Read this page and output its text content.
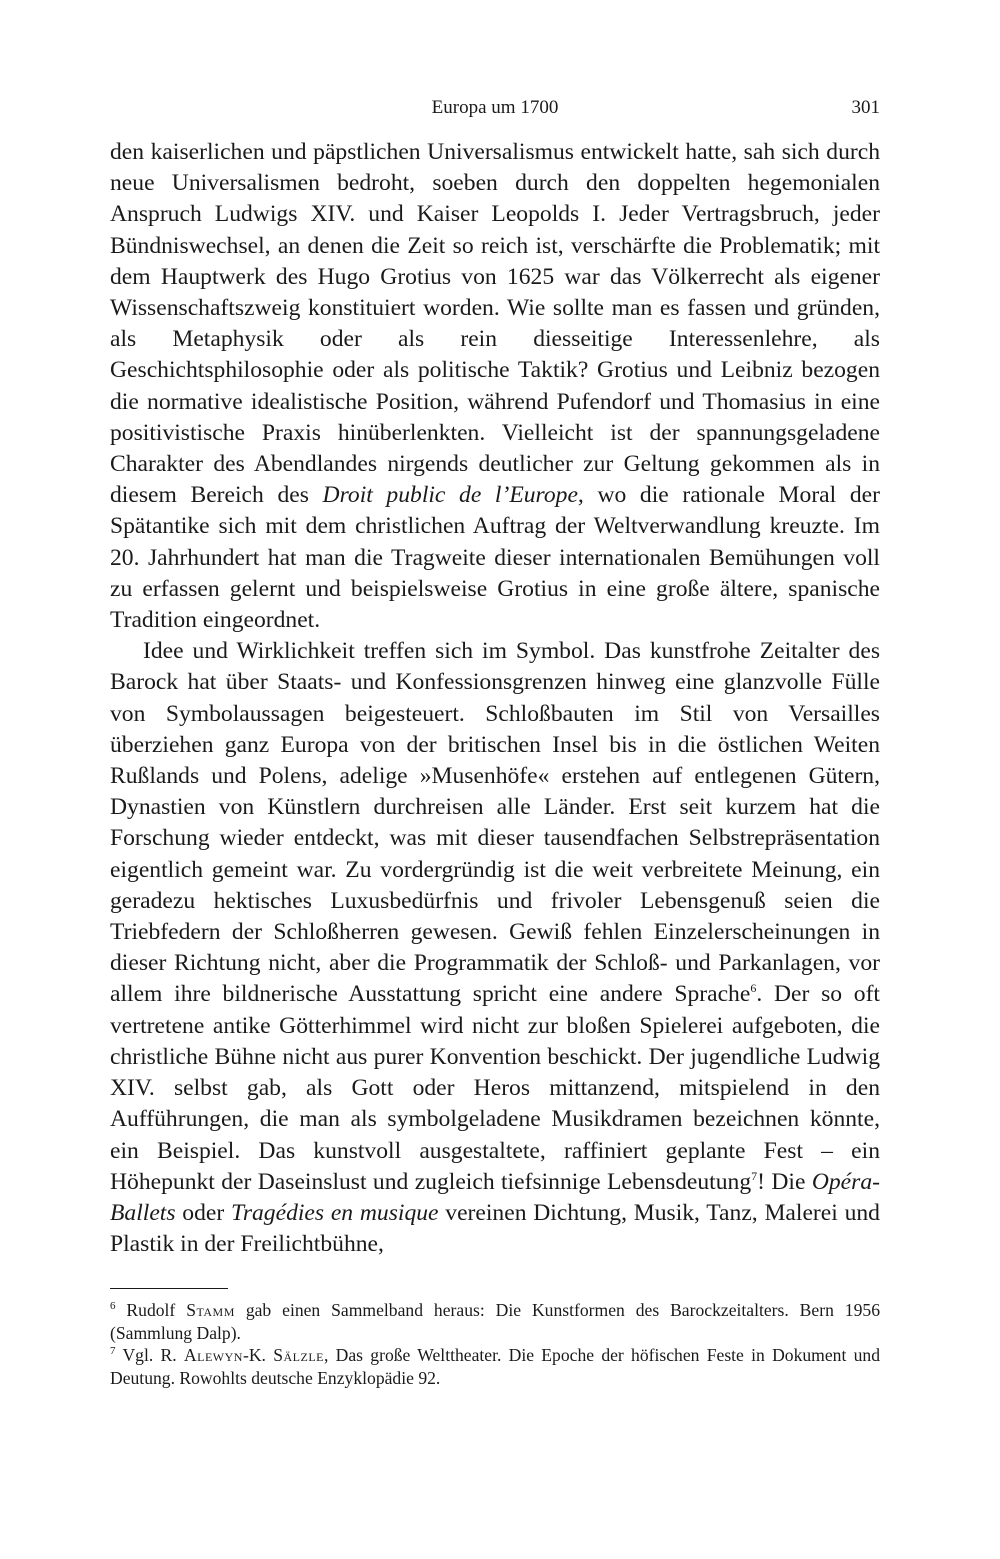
Europa um 1700	301

den kaiserlichen und päpstlichen Universalismus entwickelt hatte, sah sich durch neue Universalismen bedroht, soeben durch den doppelten hegemonialen Anspruch Ludwigs XIV. und Kaiser Leopolds I. Jeder Vertragsbruch, jeder Bündniswechsel, an denen die Zeit so reich ist, verschärfte die Problematik; mit dem Hauptwerk des Hugo Grotius von 1625 war das Völkerrecht als eigener Wissenschaftszweig konstituiert worden. Wie sollte man es fassen und gründen, als Metaphysik oder als rein diesseitige Interessenlehre, als Geschichtsphilosophie oder als politische Taktik? Grotius und Leibniz bezogen die normative idealistische Position, während Pufendorf und Thomasius in eine positivistische Praxis hinüberlenkten. Vielleicht ist der spannungsgeladene Charakter des Abendlandes nirgends deutlicher zur Geltung gekommen als in diesem Bereich des Droit public de l’Europe, wo die rationale Moral der Spätantike sich mit dem christlichen Auftrag der Weltverwandlung kreuzte. Im 20. Jahrhundert hat man die Tragweite dieser internationalen Bemühungen voll zu erfassen gelernt und beispielsweise Grotius in eine große ältere, spanische Tradition eingeordnet.

Idee und Wirklichkeit treffen sich im Symbol. Das kunstfrohe Zeitalter des Barock hat über Staats- und Konfessionsgrenzen hinweg eine glanzvolle Fülle von Symbolaussagen beigesteuert. Schloßbauten im Stil von Versailles überziehen ganz Europa von der britischen Insel bis in die östlichen Weiten Rußlands und Polens, adelige »Musenhöfe« erstehen auf entlegenen Gütern, Dynastien von Künstlern durchreisen alle Länder. Erst seit kurzem hat die Forschung wieder entdeckt, was mit dieser tausendfachen Selbstrepräsentation eigentlich gemeint war. Zu vordergründig ist die weit verbreitete Meinung, ein geradezu hektisches Luxusbedürfnis und frivoler Lebensgenuß seien die Triebfedern der Schloßherren gewesen. Gewiß fehlen Einzelerscheinungen in dieser Richtung nicht, aber die Programmatik der Schloß- und Parkanlagen, vor allem ihre bildnerische Ausstattung spricht eine andere Sprache$^6$. Der so oft vertretene antike Götterhimmel wird nicht zur bloßen Spielerei aufgeboten, die christliche Bühne nicht aus purer Konvention beschickt. Der jugendliche Ludwig XIV. selbst gab, als Gott oder Heros mittanzend, mitspielend in den Aufführungen, die man als symbolgeladene Musikdramen bezeichnen könnte, ein Beispiel. Das kunstvoll ausgestaltete, raffiniert geplante Fest – ein Höhepunkt der Daseinslust und zugleich tiefsinnige Lebensdeutung$^7$! Die Opéra-Ballets oder Tragédies en musique vereinen Dichtung, Musik, Tanz, Malerei und Plastik in der Freilichtbühne,

$^6$ Rudolf Stamm gab einen Sammelband heraus: Die Kunstformen des Barockzeitalters. Bern 1956 (Sammlung Dalp).

$^7$ Vgl. R. Alewyn-K. Sälzle, Das große Welttheater. Die Epoche der höfischen Feste in Dokument und Deutung. Rowohlts deutsche Enzyklopädie 92.
